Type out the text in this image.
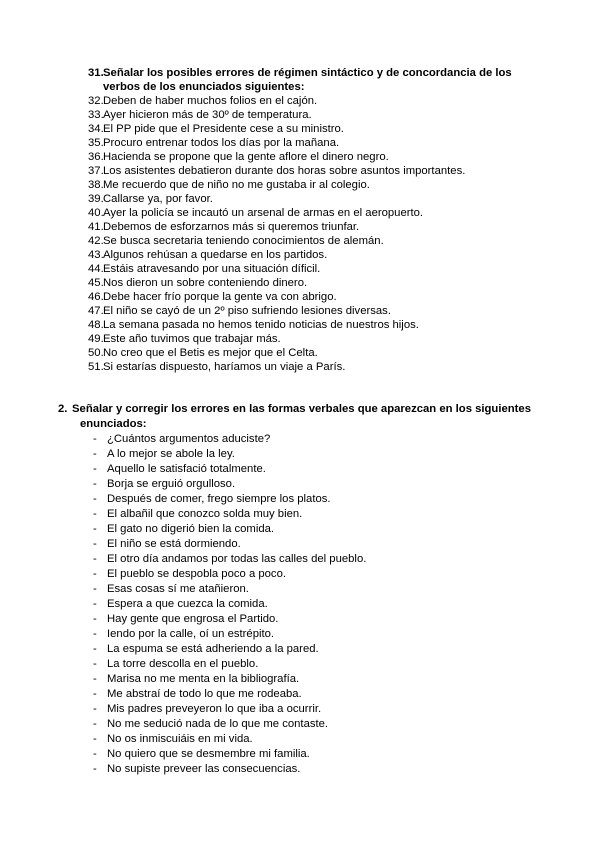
31.Señalar los posibles errores de régimen sintáctico y de concordancia de los
verbos de los enunciados siguientes:
32.Deben de haber muchos folios en el cajón.
33.Ayer hicieron más de 30º de temperatura.
34.El PP pide que el Presidente cese a su ministro.
35.Procuro entrenar todos los días por la mañana.
36.Hacienda se propone que la gente aflore el dinero negro.
37.Los asistentes debatieron durante dos horas sobre asuntos importantes.
38.Me recuerdo que de niño no me gustaba ir al colegio.
39.Callarse ya, por favor.
40.Ayer la policía se incautó un arsenal de armas en el aeropuerto.
41.Debemos de esforzarnos más si queremos triunfar.
42.Se busca secretaria teniendo conocimientos de alemán.
43.Algunos rehúsan a quedarse en los partidos.
44.Estáis atravesando por una situación díficil.
45.Nos dieron un sobre conteniendo dinero.
46.Debe hacer frío porque la gente va con abrigo.
47.El niño se cayó de un 2º piso sufriendo lesiones diversas.
48.La semana pasada no hemos tenido noticias de nuestros hijos.
49.Este año tuvimos que trabajar más.
50.No creo que el Betis es mejor que el Celta.
51.Si estarías dispuesto, haríamos un viaje a París.
2. Señalar y corregir los errores en las formas verbales que aparezcan en los siguientes
enunciados:
- ¿Cuántos argumentos aduciste?
- A lo mejor se abole la ley.
- Aquello le satisfació totalmente.
- Borja se erguió orgulloso.
- Después de comer, frego siempre los platos.
- El albañil que conozco solda muy bien.
- El gato no digerió bien la comida.
- El niño se está dormiendo.
- El otro día andamos por todas las calles del pueblo.
- El pueblo se despobla poco a poco.
- Esas cosas sí me atañieron.
- Espera a que cuezca la comida.
- Hay gente que engrosa el Partido.
- Iendo por la calle, oí un estrépito.
- La espuma se está adheriendo a la pared.
- La torre descolla en el pueblo.
- Marisa no me menta en la bibliografía.
- Me abstraí de todo lo que me rodeaba.
- Mis padres preveyeron lo que iba a ocurrir.
- No me sedució nada de lo que me contaste.
- No os inmiscuiáis en mi vida.
- No quiero que se desmembre mi familia.
- No supiste preveer las consecuencias.
